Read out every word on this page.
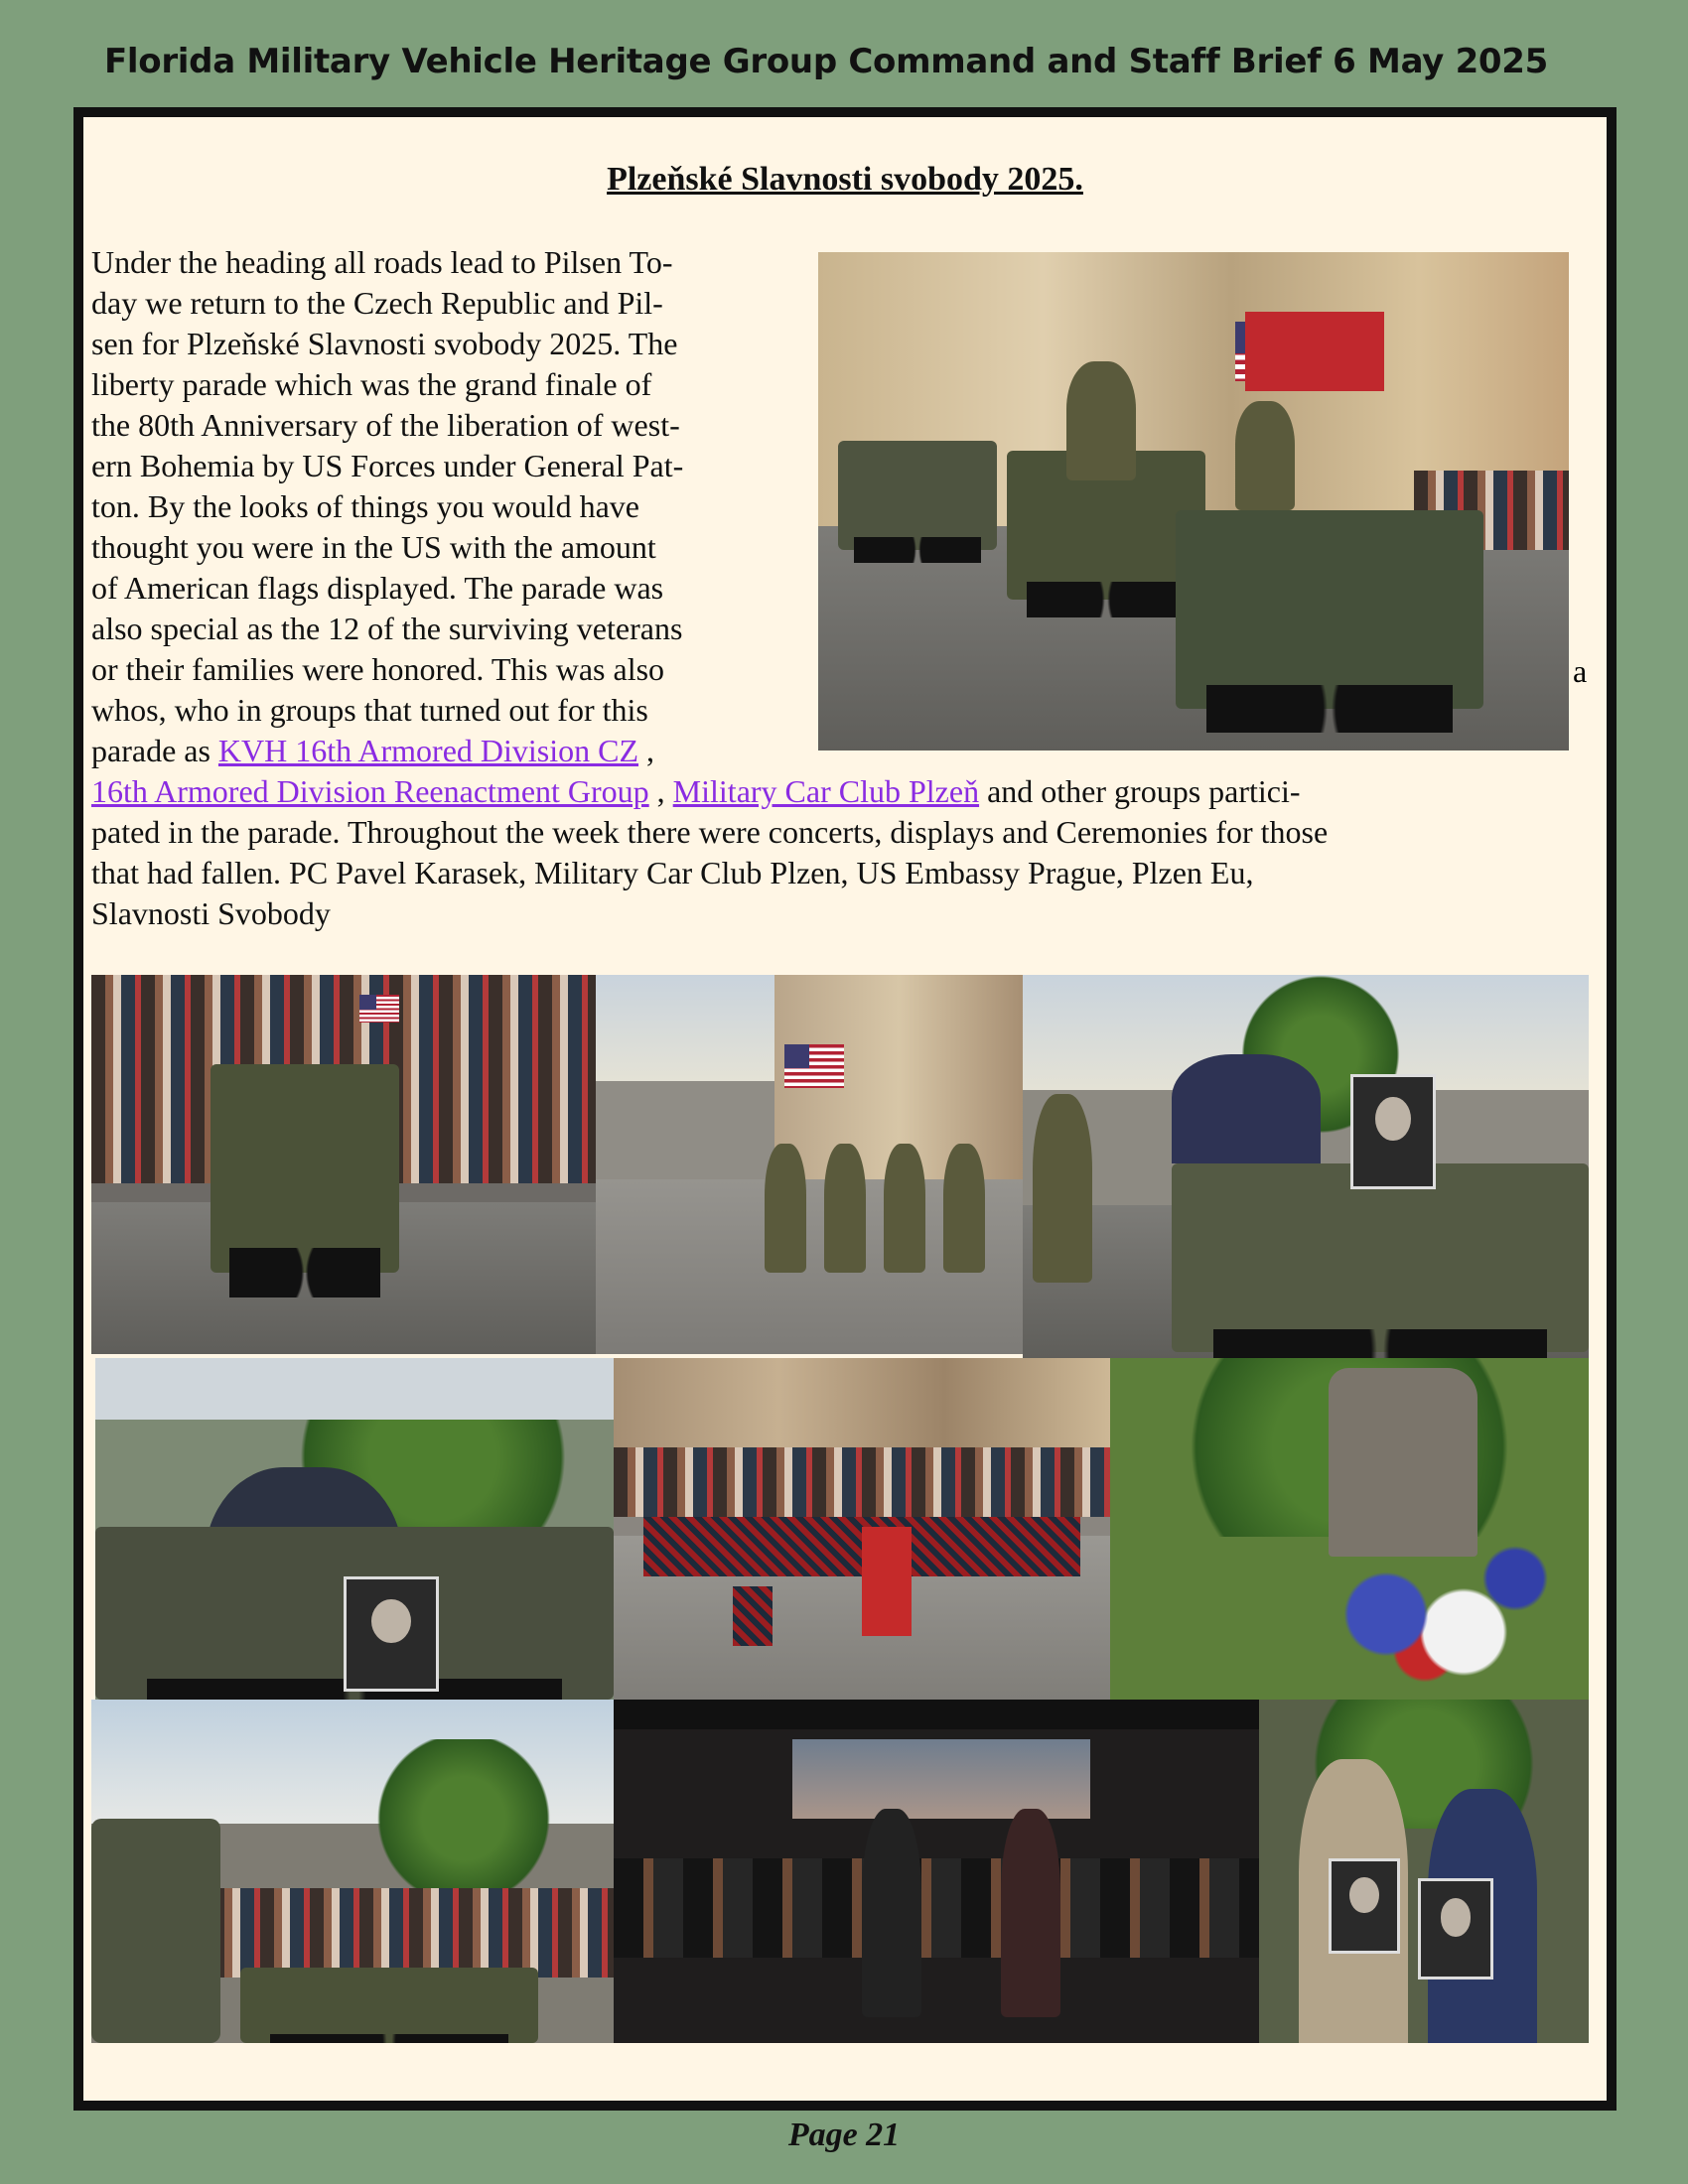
Florida Military Vehicle Heritage Group Command and Staff Brief 6 May 2025
Plzeňské Slavnosti svobody 2025.
Under the heading all roads lead to Pilsen To-
day we return to the Czech Republic and Pil-
sen for Plzeňské Slavnosti svobody 2025. The
liberty parade which was the grand finale of
the 80th Anniversary of the liberation of west-
ern Bohemia by US Forces under General Pat-
ton. By the looks of things you would have
thought you were in the US with the amount
of American flags displayed. The parade was
also special as the 12 of the surviving veterans
or their families were honored. This was also
whos, who in groups that turned out for this
parade as KVH 16th Armored Division CZ ,
16th Armored Division Reenactment Group , Military Car Club Plzeň and other groups partici-
pated in the parade. Throughout the week there were concerts, displays and Ceremonies for those
that had fallen. PC Pavel Karasek, Military Car Club Plzen, US Embassy Prague, Plzen Eu,
Slavnosti Svobody
a
Page 21
